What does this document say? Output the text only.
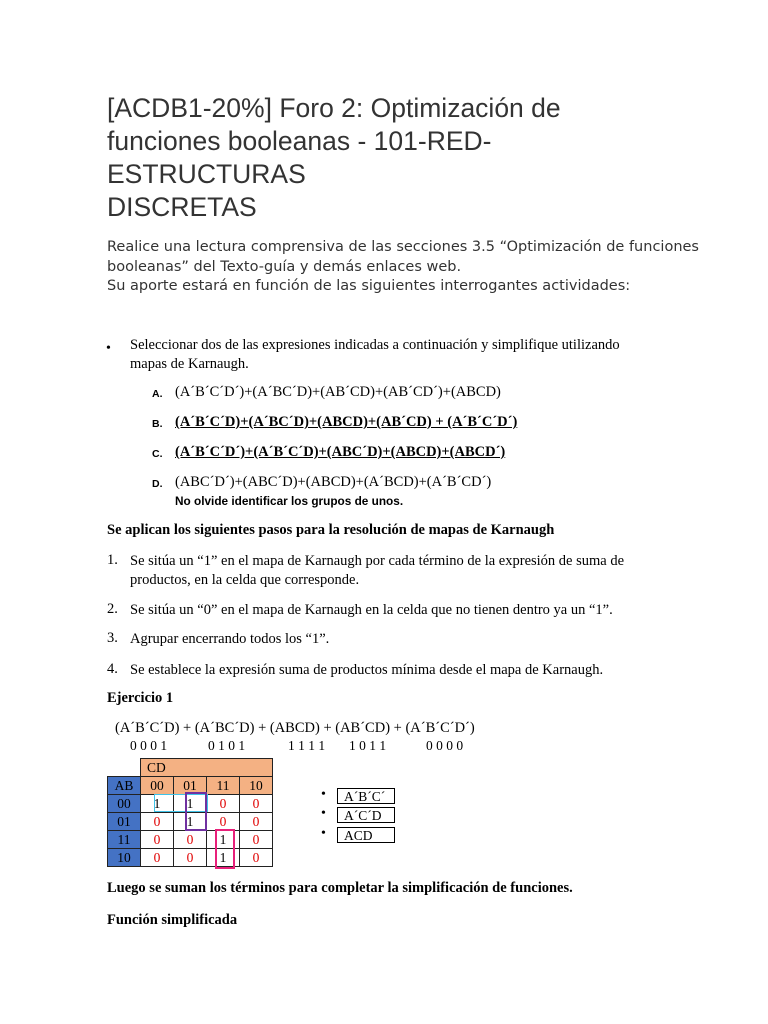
[ACDB1-20%] Foro 2: Optimización de
funciones booleanas - 101-RED-ESTRUCTURAS
DISCRETAS
Realice una lectura comprensiva de las secciones 3.5 “Optimización de funciones
booleanas” del Texto-guía y demás enlaces web.
Su aporte estará en función de las siguientes interrogantes actividades:
• Seleccionar dos de las expresiones indicadas a continuación y simplifique utilizando
mapas de Karnaugh.
A. (A´B´C´D´)+(A´BC´D)+(AB´CD)+(AB´CD´)+(ABCD)
B. (A´B´C´D)+(A´BC´D)+(ABCD)+(AB´CD) + (A´B´C´D´)
C. (A´B´C´D´)+(A´B´C´D)+(ABC´D)+(ABCD)+(ABCD´)
D. (ABC´D´)+(ABC´D)+(ABCD)+(A´BCD)+(A´B´CD´)
No olvide identificar los grupos de unos.
Se aplican los siguientes pasos para la resolución de mapas de Karnaugh
1. Se sitúa un “1” en el mapa de Karnaugh por cada término de la expresión de suma de
productos, en la celda que corresponde.
2. Se sitúa un “0” en el mapa de Karnaugh en la celda que no tienen dentro ya un “1”.
3. Agrupar encerrando todos los “1”.
4. Se establece la expresión suma de productos mínima desde el mapa de Karnaugh.
Ejercicio 1
(A´B´C´D) + (A´BC´D) + (ABCD) + (AB´CD) + (A´B´C´D´)
0 0 0 1	0 1 0 1	1 1 1 1 1 0 1 1	0 0 0 0
	CD			
AB	00	01	11	10
00	1	1	0	0
01	0	1	0	0
11	0	0	1	0
10	0	0	1	0
•	A´B´C´
•	A´C´D
•	ACD
Luego se suman los términos para completar la simplificación de funciones.
Función simplificada
